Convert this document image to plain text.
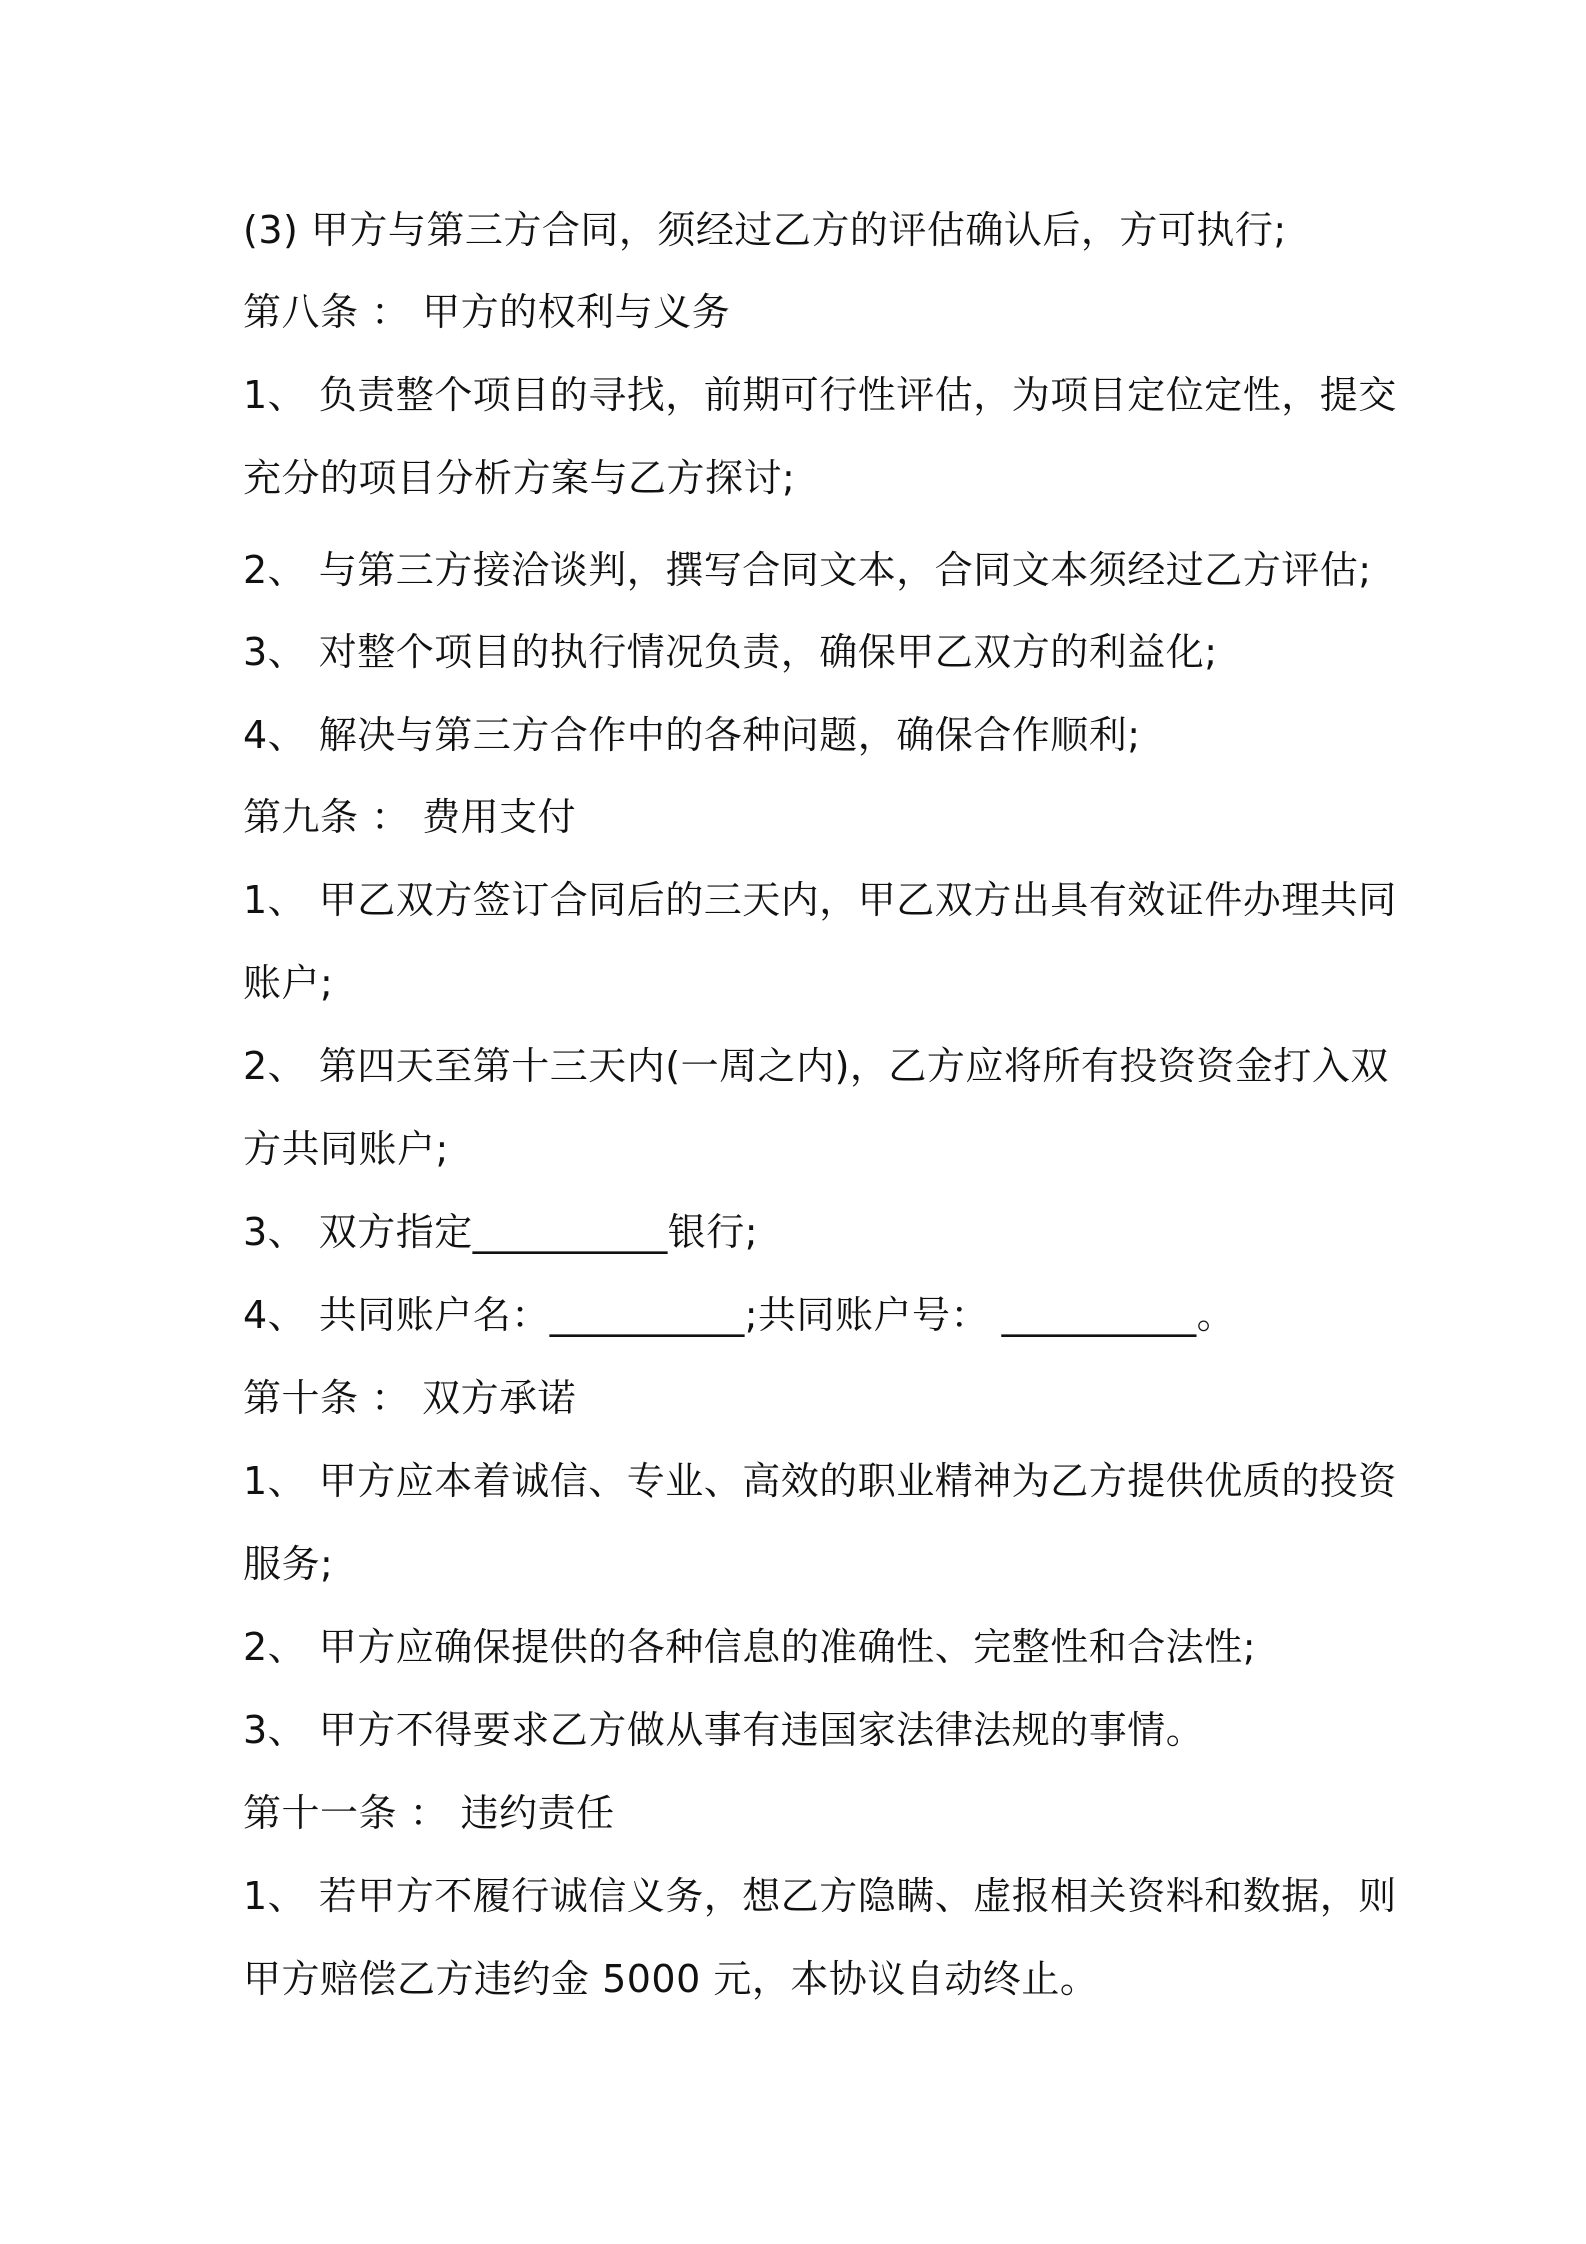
(3) 甲方与第三方合同，须经过乙方的评估确认后，方可执行;
第八条 ： 甲方的权利与义务
1、 负责整个项目的寻找，前期可行性评估，为项目定位定性，提交
充分的项目分析方案与乙方探讨;
2、 与第三方接洽谈判，撰写合同文本，合同文本须经过乙方评估;
3、 对整个项目的执行情况负责，确保甲乙双方的利益化;
4、 解决与第三方合作中的各种问题，确保合作顺利;
第九条 ： 费用支付
1、 甲乙双方签订合同后的三天内，甲乙双方出具有效证件办理共同
账户;
2、 第四天至第十三天内(一周之内)，乙方应将所有投资资金打入双
方共同账户;
3、 双方指定__________银行;
4、 共同账户名：__________;共同账户号： __________。
第十条 ： 双方承诺
1、 甲方应本着诚信、专业、高效的职业精神为乙方提供优质的投资
服务;
2、 甲方应确保提供的各种信息的准确性、完整性和合法性;
3、 甲方不得要求乙方做从事有违国家法律法规的事情。
第十一条 ： 违约责任
1、 若甲方不履行诚信义务，想乙方隐瞒、虚报相关资料和数据，则
甲方赔偿乙方违约金 5000 元，本协议自动终止。
